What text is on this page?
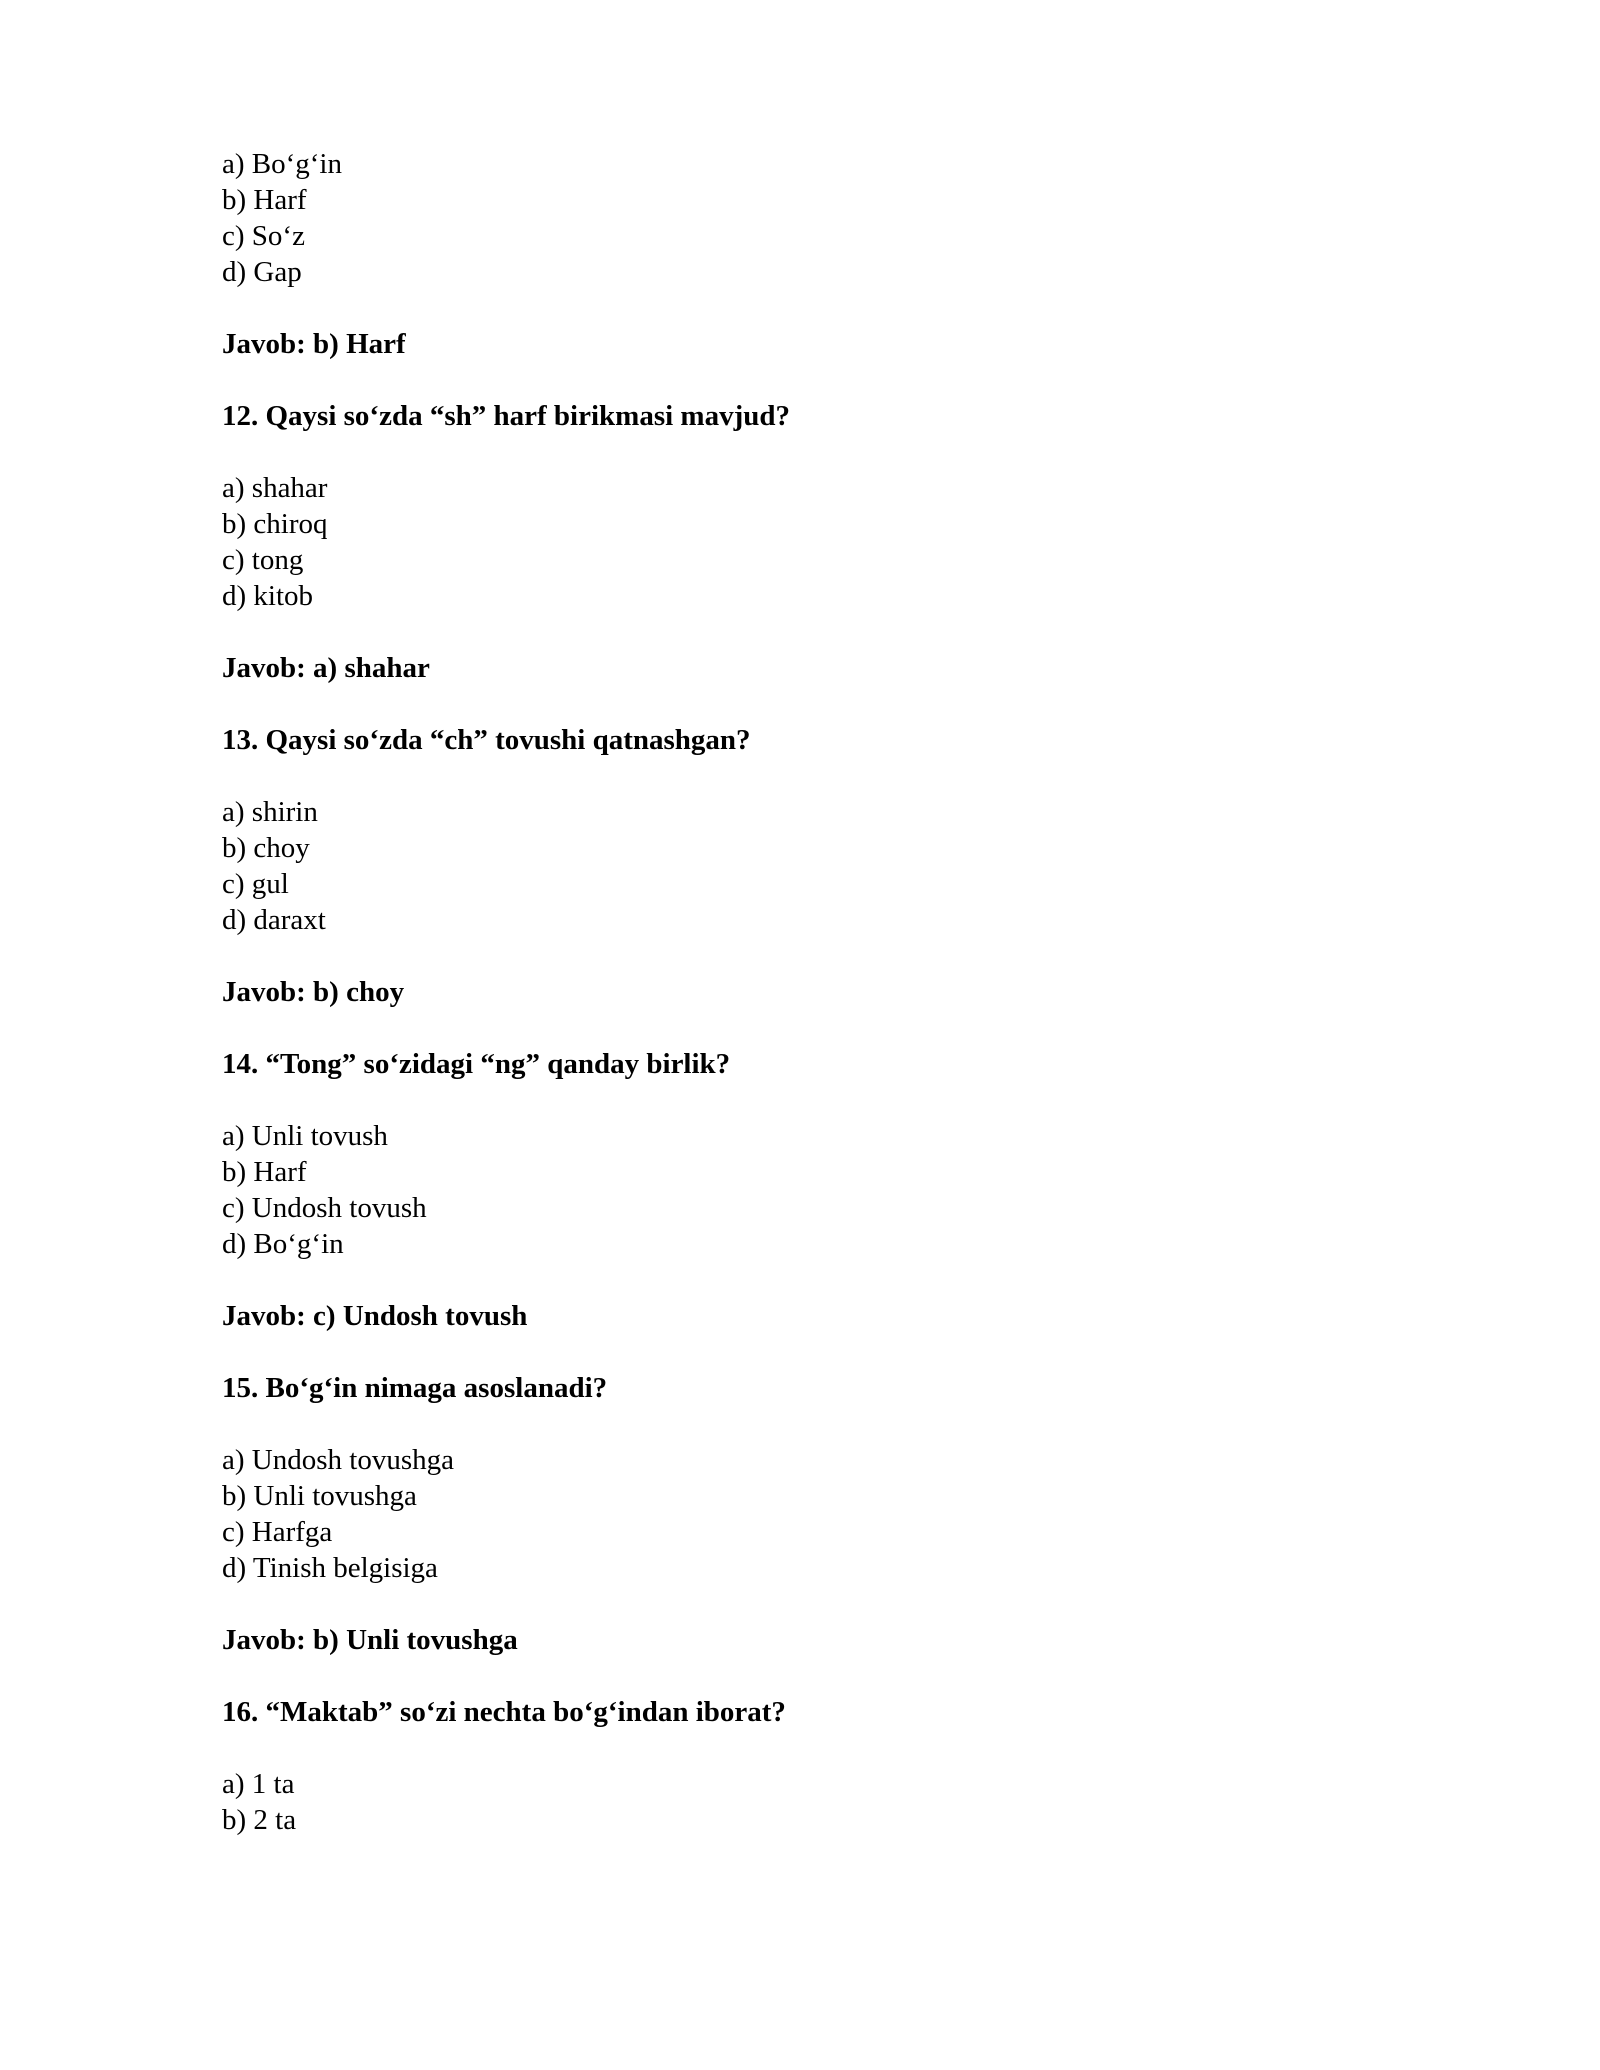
a) Bo‘g‘in
b) Harf
c) So‘z
d) Gap
Javob: b) Harf
12. Qaysi so‘zda “sh” harf birikmasi mavjud?
a) shahar
b) chiroq
c) tong
d) kitob
Javob: a) shahar
13. Qaysi so‘zda “ch” tovushi qatnashgan?
a) shirin
b) choy
c) gul
d) daraxt
Javob: b) choy
14. “Tong” so‘zidagi “ng” qanday birlik?
a) Unli tovush
b) Harf
c) Undosh tovush
d) Bo‘g‘in
Javob: c) Undosh tovush
15. Bo‘g‘in nimaga asoslanadi?
a) Undosh tovushga
b) Unli tovushga
c) Harfga
d) Tinish belgisiga
Javob: b) Unli tovushga
16. “Maktab” so‘zi nechta bo‘g‘indan iborat?
a) 1 ta
b) 2 ta
